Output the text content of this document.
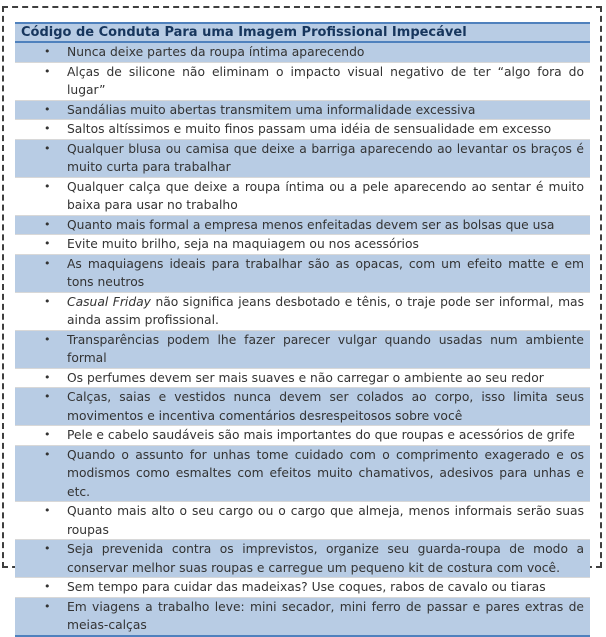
Código de Conduta Para uma Imagem Profissional Impecável
• Nunca deixe partes da roupa íntima aparecendo
• Alças de silicone não eliminam o impacto visual negativo de ter “algo fora do lugar”
• Sandálias muito abertas transmitem uma informalidade excessiva
• Saltos altíssimos e muito finos passam uma idéia de sensualidade em excesso
• Qualquer blusa ou camisa que deixe a barriga aparecendo ao levantar os braços é muito curta para trabalhar
• Qualquer calça que deixe a roupa íntima ou a pele aparecendo ao sentar é muito baixa para usar no trabalho
• Quanto mais formal a empresa menos enfeitadas devem ser as bolsas que usa
• Evite muito brilho, seja na maquiagem ou nos acessórios
• As maquiagens ideais para trabalhar são as opacas, com um efeito matte e em tons neutros
• Casual Friday não significa jeans desbotado e tênis, o traje pode ser informal, mas ainda assim profissional.
• Transparências podem lhe fazer parecer vulgar quando usadas num ambiente formal
• Os perfumes devem ser mais suaves e não carregar o ambiente ao seu redor
• Calças, saias e vestidos nunca devem ser colados ao corpo, isso limita seus movimentos e incentiva comentários desrespeitosos sobre você
• Pele e cabelo saudáveis são mais importantes do que roupas e acessórios de grife
• Quando o assunto for unhas tome cuidado com o comprimento exagerado e os modismos como esmaltes com efeitos muito chamativos, adesivos para unhas e etc.
• Quanto mais alto o seu cargo ou o cargo que almeja, menos informais serão suas roupas
• Seja prevenida contra os imprevistos, organize seu guarda-roupa de modo a conservar melhor suas roupas e carregue um pequeno kit de costura com você.
• Sem tempo para cuidar das madeixas? Use coques, rabos de cavalo ou tiaras
• Em viagens a trabalho leve: mini secador, mini ferro de passar e pares extras de meias-calças
